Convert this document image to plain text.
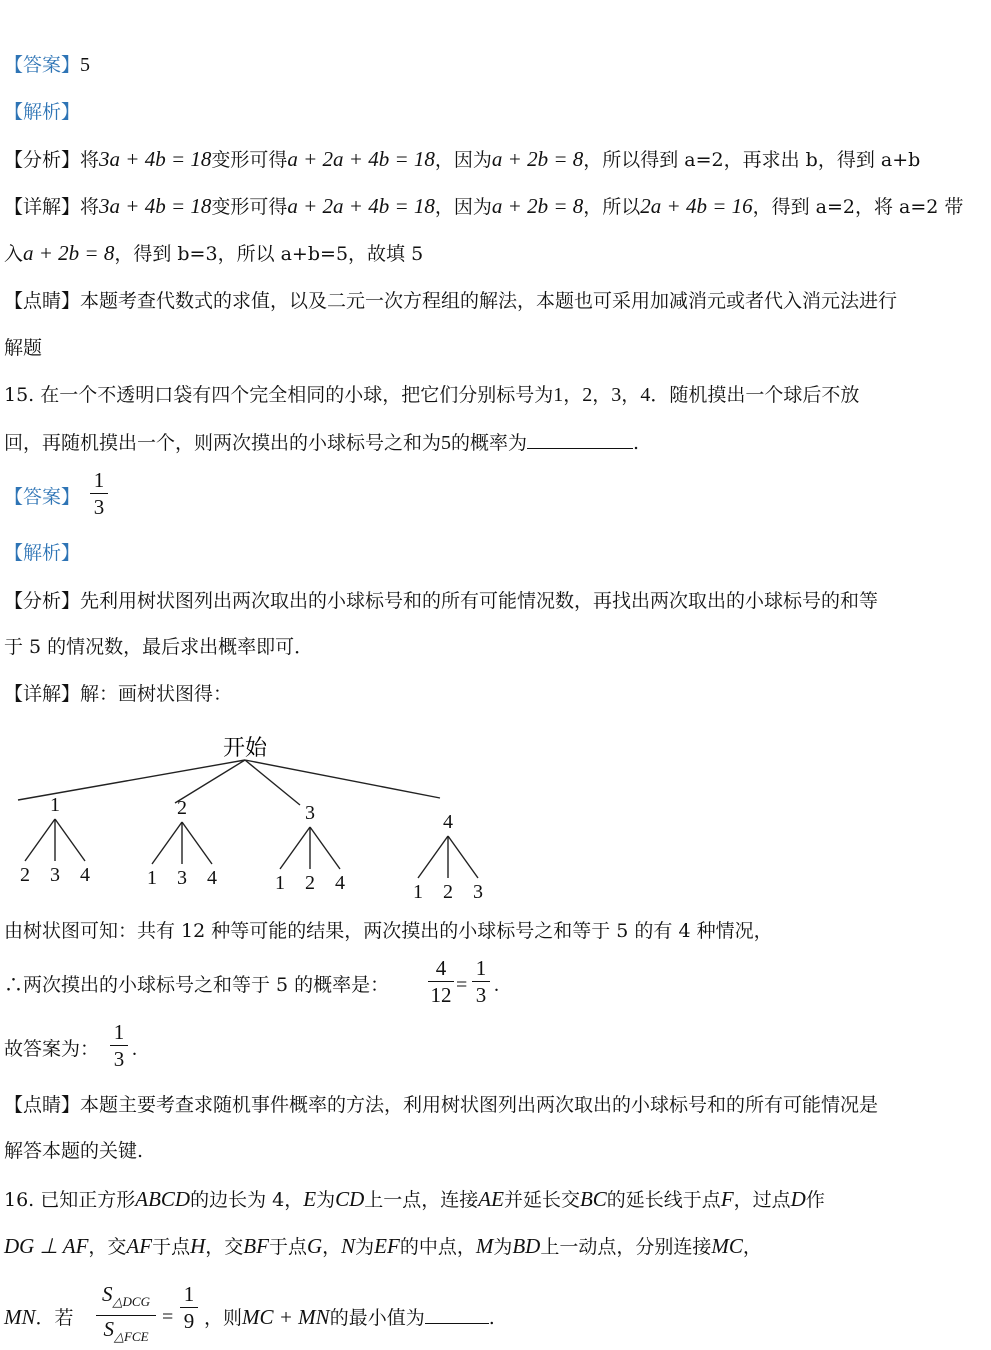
【答案】5
【解析】
【分析】将3a + 4b = 18变形可得a + 2a + 4b = 18，因为a + 2b = 8，所以得到 a=2，再求出 b，得到 a+b
【详解】将3a + 4b = 18变形可得a + 2a + 4b = 18，因为a + 2b = 8，所以2a + 4b = 16，得到 a=2，将 a=2 带
入a + 2b = 8，得到 b=3，所以 a+b=5，故填 5
【点睛】本题考查代数式的求值，以及二元一次方程组的解法，本题也可采用加减消元或者代入消元法进行
解题
15. 在一个不透明口袋有四个完全相同的小球，把它们分别标号为1，2，3，4．随机摸出一个球后不放
回，再随机摸出一个，则两次摸出的小球标号之和为5的概率为	.
【答案】
1
3
【解析】
【分析】先利用树状图列出两次取出的小球标号和的所有可能情况数，再找出两次取出的小球标号的和等
于 5 的情况数，最后求出概率即可．
【详解】解：画树状图得：
开始
1
2 3 4
2
1 3 4
3
1 2 4
4
1 2 3
由树状图可知：共有 12 种等可能的结果，两次摸出的小球标号之和等于 5 的有 4 种情况，
∴两次摸出的小球标号之和等于 5 的概率是：
4
12 =
1
3 .
故答案为：
1
3 .
【点睛】本题主要考查求随机事件概率的方法，利用树状图列出两次取出的小球标号和的所有可能情况是
解答本题的关键.
16. 已知正方形ABCD的边长为 4，E为CD上一点，连接AE并延长交BC的延长线于点F，过点D作
DG ⊥ AF，交AF于点H，交BF于点G，N为EF的中点，M为BD上一动点，分别连接MC，
MN．若
$S_{\triangle DCG}$
$S_{\triangle FCE}$
=
1
9 ，则MC + MN的最小值为	.
